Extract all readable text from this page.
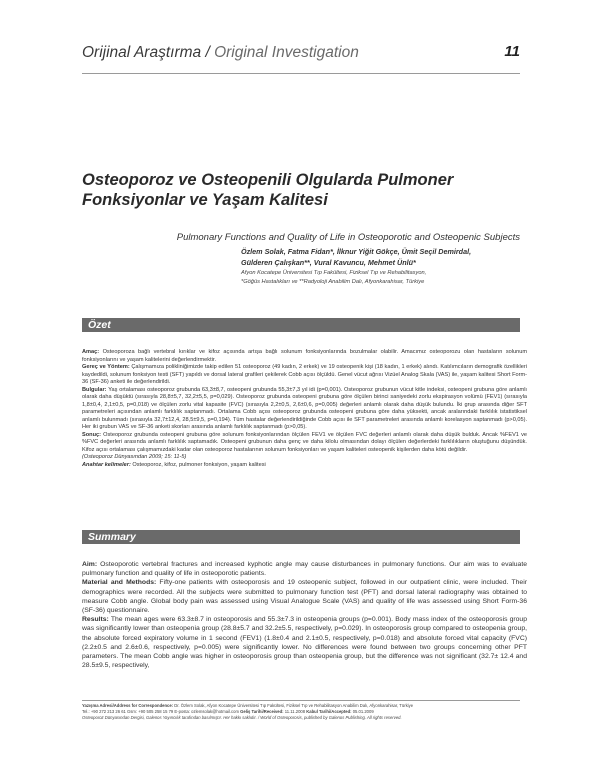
Orijinal Araştırma / Original Investigation	11
Osteoporoz ve Osteopenili Olgularda Pulmoner
Fonksiyonlar ve Yaşam Kalitesi
Pulmonary Functions and Quality of Life in Osteoporotic and Osteopenic Subjects
Özlem Solak, Fatma Fidan*, İlknur Yiğit Gökçe, Ümit Seçil Demirdal,
Gülderen Çalışkan**, Vural Kavuncu, Mehmet Ünlü*
Afyon Kocatepe Üniversitesi Tıp Fakültesi, Fiziksel Tıp ve Rehabilitasyon,
*Göğüs Hastalıkları ve **Radyoloji Anabilim Dalı, Afyonkarahisar, Türkiye
Özet

Amaç: Osteoporoza bağlı vertebral kırıklar ve kifoz açısında artışa bağlı solunum fonksiyonlarında bozulmalar olabilir. Amacımız osteoporozu olan hastaların solunum fonksiyonlarını ve yaşam kalitelerini değerlendirmektir.

Gereç ve Yöntem: Çalışmamıza polikliniğimizde takip edilen 51 osteoporoz (49 kadın, 2 erkek) ve 19 osteopenik kişi (18 kadın, 1 erkek) alındı. Katılımcıların demografik özellikleri kaydedildi, solunum fonksiyon testi (SFT) yapıldı ve dorsal lateral grafileri çekilerek Cobb açısı ölçüldü. Genel vücut ağrısı Vizüel Analog Skala (VAS) ile, yaşam kalitesi Short Form-36 (SF-36) anketi ile değerlendirildi.

Bulgular: Yaş ortalaması osteoporoz grubunda 63,3±8,7, osteopeni grubunda 55,3±7,3 yıl idi (p=0,001). Osteoporoz grubunun vücut kitle indeksi, osteopeni grubuna göre anlamlı olarak daha düşüktü (sırasıyla 28,8±5,7, 32,2±5,5, p=0,029). Osteoporoz grubunda osteopeni grubuna göre ölçülen birinci saniyedeki zorlu ekspirasyon volümü (FEV1) (sırasıyla 1,8±0,4, 2,1±0,5, p=0,018) ve ölçülen zorlu vital kapasite (FVC) (sırasıyla 2,2±0,5, 2,6±0,6, p=0,005) değerleri anlamlı olarak daha düşük bulundu. İki grup arasında diğer SFT parametreleri açısından anlamlı farklılık saptanmadı. Ortalama Cobb açısı osteoporoz grubunda osteopeni grubuna göre daha yüksekti, ancak aralarındaki farklılık istatistiksel anlamlı bulunmadı (sırasıyla 32,7±12,4, 28,5±9,5, p=0,194). Tüm hastalar değerlendirildiğinde Cobb açısı ile SFT parametreleri arasında anlamlı korelasyon saptanmadı (p>0,05). Her iki grubun VAS ve SF-36 anketi skorları arasında anlamlı farklılık saptanmadı (p>0,05).

Sonuç: Osteoporoz grubunda osteopeni grubuna göre solunum fonksiyonlarından ölçülen FEV1 ve ölçülen FVC değerleri anlamlı olarak daha düşük bulduk. Ancak %FEV1 ve %FVC değerleri arasında anlamlı farklılık saptamadık. Osteopeni grubunun daha genç ve daha kilolu olmasından dolayı ölçülen değerlerdeki farklılıkların oluştuğunu düşündük. Kifoz açısı ortalaması çalışmamızdaki kadar olan osteoporoz hastalarının solunum fonksiyonları ve yaşam kaliteleri osteopenik kişilerden daha kötü değildir.

(Osteoporoz Dünyasından 2009; 15: 11-5)

Anahtar kelimeler: Osteoporoz, kifoz, pulmoner fonksiyon, yaşam kalitesi

Summary

Aim: Osteoporotic vertebral fractures and increased kyphotic angle may cause disturbances in pulmonary functions. Our aim was to evaluate pulmonary function and quality of life in osteoporotic patients.

Material and Methods: Fifty-one patients with osteoporosis and 19 osteopenic subject, followed in our outpatient clinic, were included. Their demographics were recorded. All the subjects were submitted to pulmonary function test (PFT) and dorsal lateral radiography was obtained to measure Cobb angle. Global body pain was assessed using Visual Analogue Scale (VAS) and quality of life was assessed using Short Form-36 (SF-36) questionnaire.

Results: The mean ages were 63.3±8.7 in osteoporosis and 55.3±7.3 in osteopenia groups (p=0.001). Body mass index of the osteoporosis group was significantly lower than osteopenia group (28.8±5.7 and 32.2±5.5, respectively, p=0.029). In osteoporosis group compared to osteopenia group, the absolute forced expiratory volume in 1 second (FEV1) (1.8±0.4 and 2.1±0.5, respectively, p=0.018) and absolute forced vital capacity (FVC) (2.2±0.5 and 2.6±0.6, respectively, p=0.005) were significantly lower. No differences were found between two groups concerning other PFT parameters. The mean Cobb angle was higher in osteoporosis group than osteopenia group, but the difference was not significant (32.7± 12.4 and 28.5±9.5, respectively,

Yazışma Adresi/Address for Correspondence: Dr. Özlem Solak, Afyon Kocatepe Üniversitesi Tıp Fakültesi, Fiziksel Tıp ve Rehabilitasyon Anabilim Dalı, Afyonkarahisar, Türkiye

Tel.: +90 272 213 26 61 Gsm: +90 505 258 15 79 E-posta: ozlemsolak@hotmail.com Geliş Tarihi/Received: 11.11.2008 Kabul Tarihi/Accepted: 05.01.2009

Osteoporoz Dünyasından Dergisi, Galenos Yayıncılık tarafından basılmıştır. Her hakkı saklıdır. / World of Osteoporosis, published by Galenos Publishing. All rights reserved.
